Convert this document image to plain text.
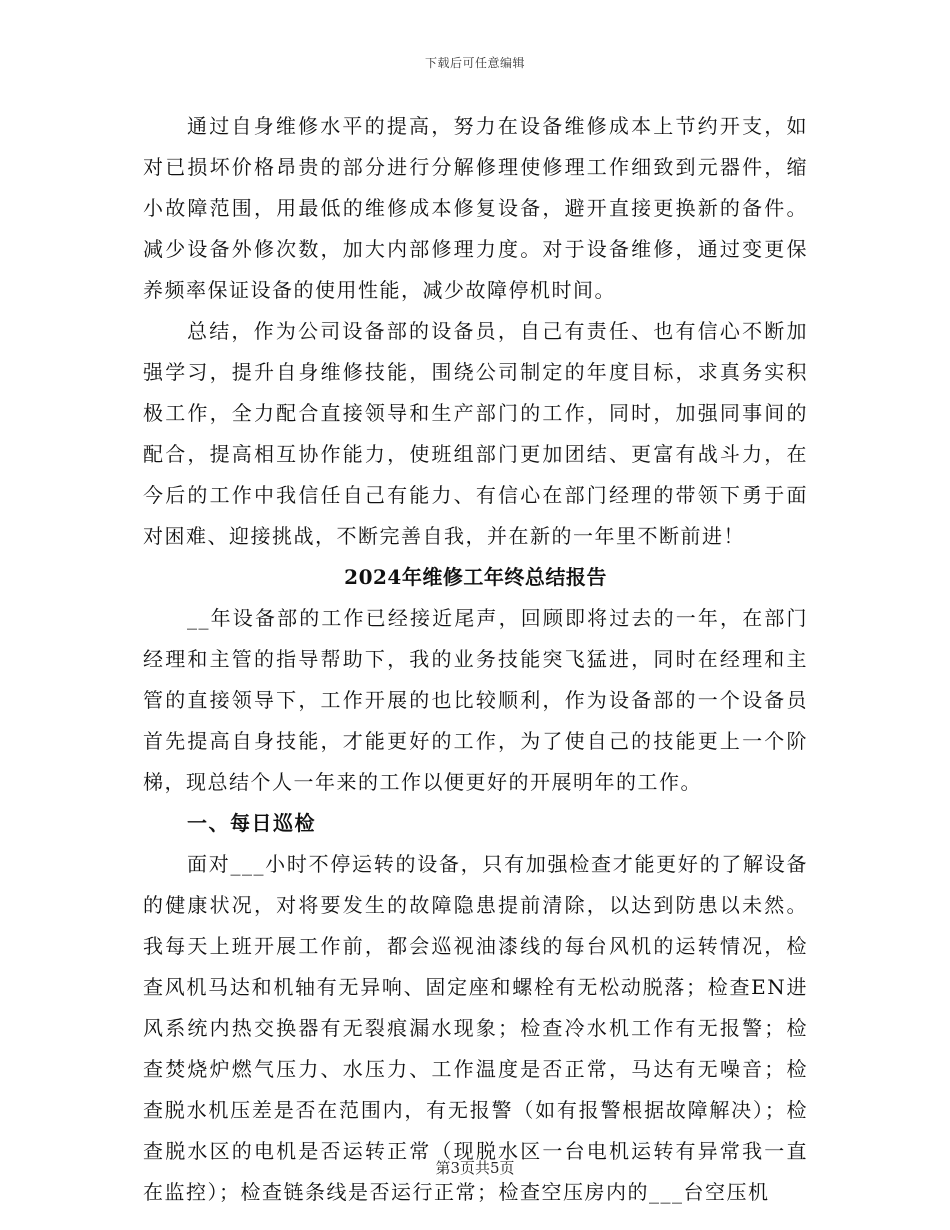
下载后可任意编辑

通过自身维修水平的提高，努力在设备维修成本上节约开支，如对已损坏价格昂贵的部分进行分解修理使修理工作细致到元器件，缩小故障范围，用最低的维修成本修复设备，避开直接更换新的备件。减少设备外修次数，加大内部修理力度。对于设备维修，通过变更保养频率保证设备的使用性能，减少故障停机时间。

总结，作为公司设备部的设备员，自己有责任、也有信心不断加强学习，提升自身维修技能，围绕公司制定的年度目标，求真务实积极工作，全力配合直接领导和生产部门的工作，同时，加强同事间的配合，提高相互协作能力，使班组部门更加团结、更富有战斗力，在今后的工作中我信任自己有能力、有信心在部门经理的带领下勇于面对困难、迎接挑战，不断完善自我，并在新的一年里不断前进！

2024年维修工年终总结报告

__年设备部的工作已经接近尾声，回顾即将过去的一年，在部门经理和主管的指导帮助下，我的业务技能突飞猛进，同时在经理和主管的直接领导下，工作开展的也比较顺利，作为设备部的一个设备员首先提高自身技能，才能更好的工作，为了使自己的技能更上一个阶梯，现总结个人一年来的工作以便更好的开展明年的工作。

一、每日巡检

面对___小时不停运转的设备，只有加强检查才能更好的了解设备的健康状况，对将要发生的故障隐患提前清除，以达到防患以未然。我每天上班开展工作前，都会巡视油漆线的每台风机的运转情况，检查风机马达和机轴有无异响、固定座和螺栓有无松动脱落；检查EN进风系统内热交换器有无裂痕漏水现象；检查冷水机工作有无报警；检查焚烧炉燃气压力、水压力、工作温度是否正常，马达有无噪音；检查脱水机压差是否在范围内，有无报警（如有报警根据故障解决）；检查脱水区的电机是否运转正常（现脱水区一台电机运转有异常我一直在监控）；检查链条线是否运行正常；检查空压房内的___台空压机

第3页共5页
